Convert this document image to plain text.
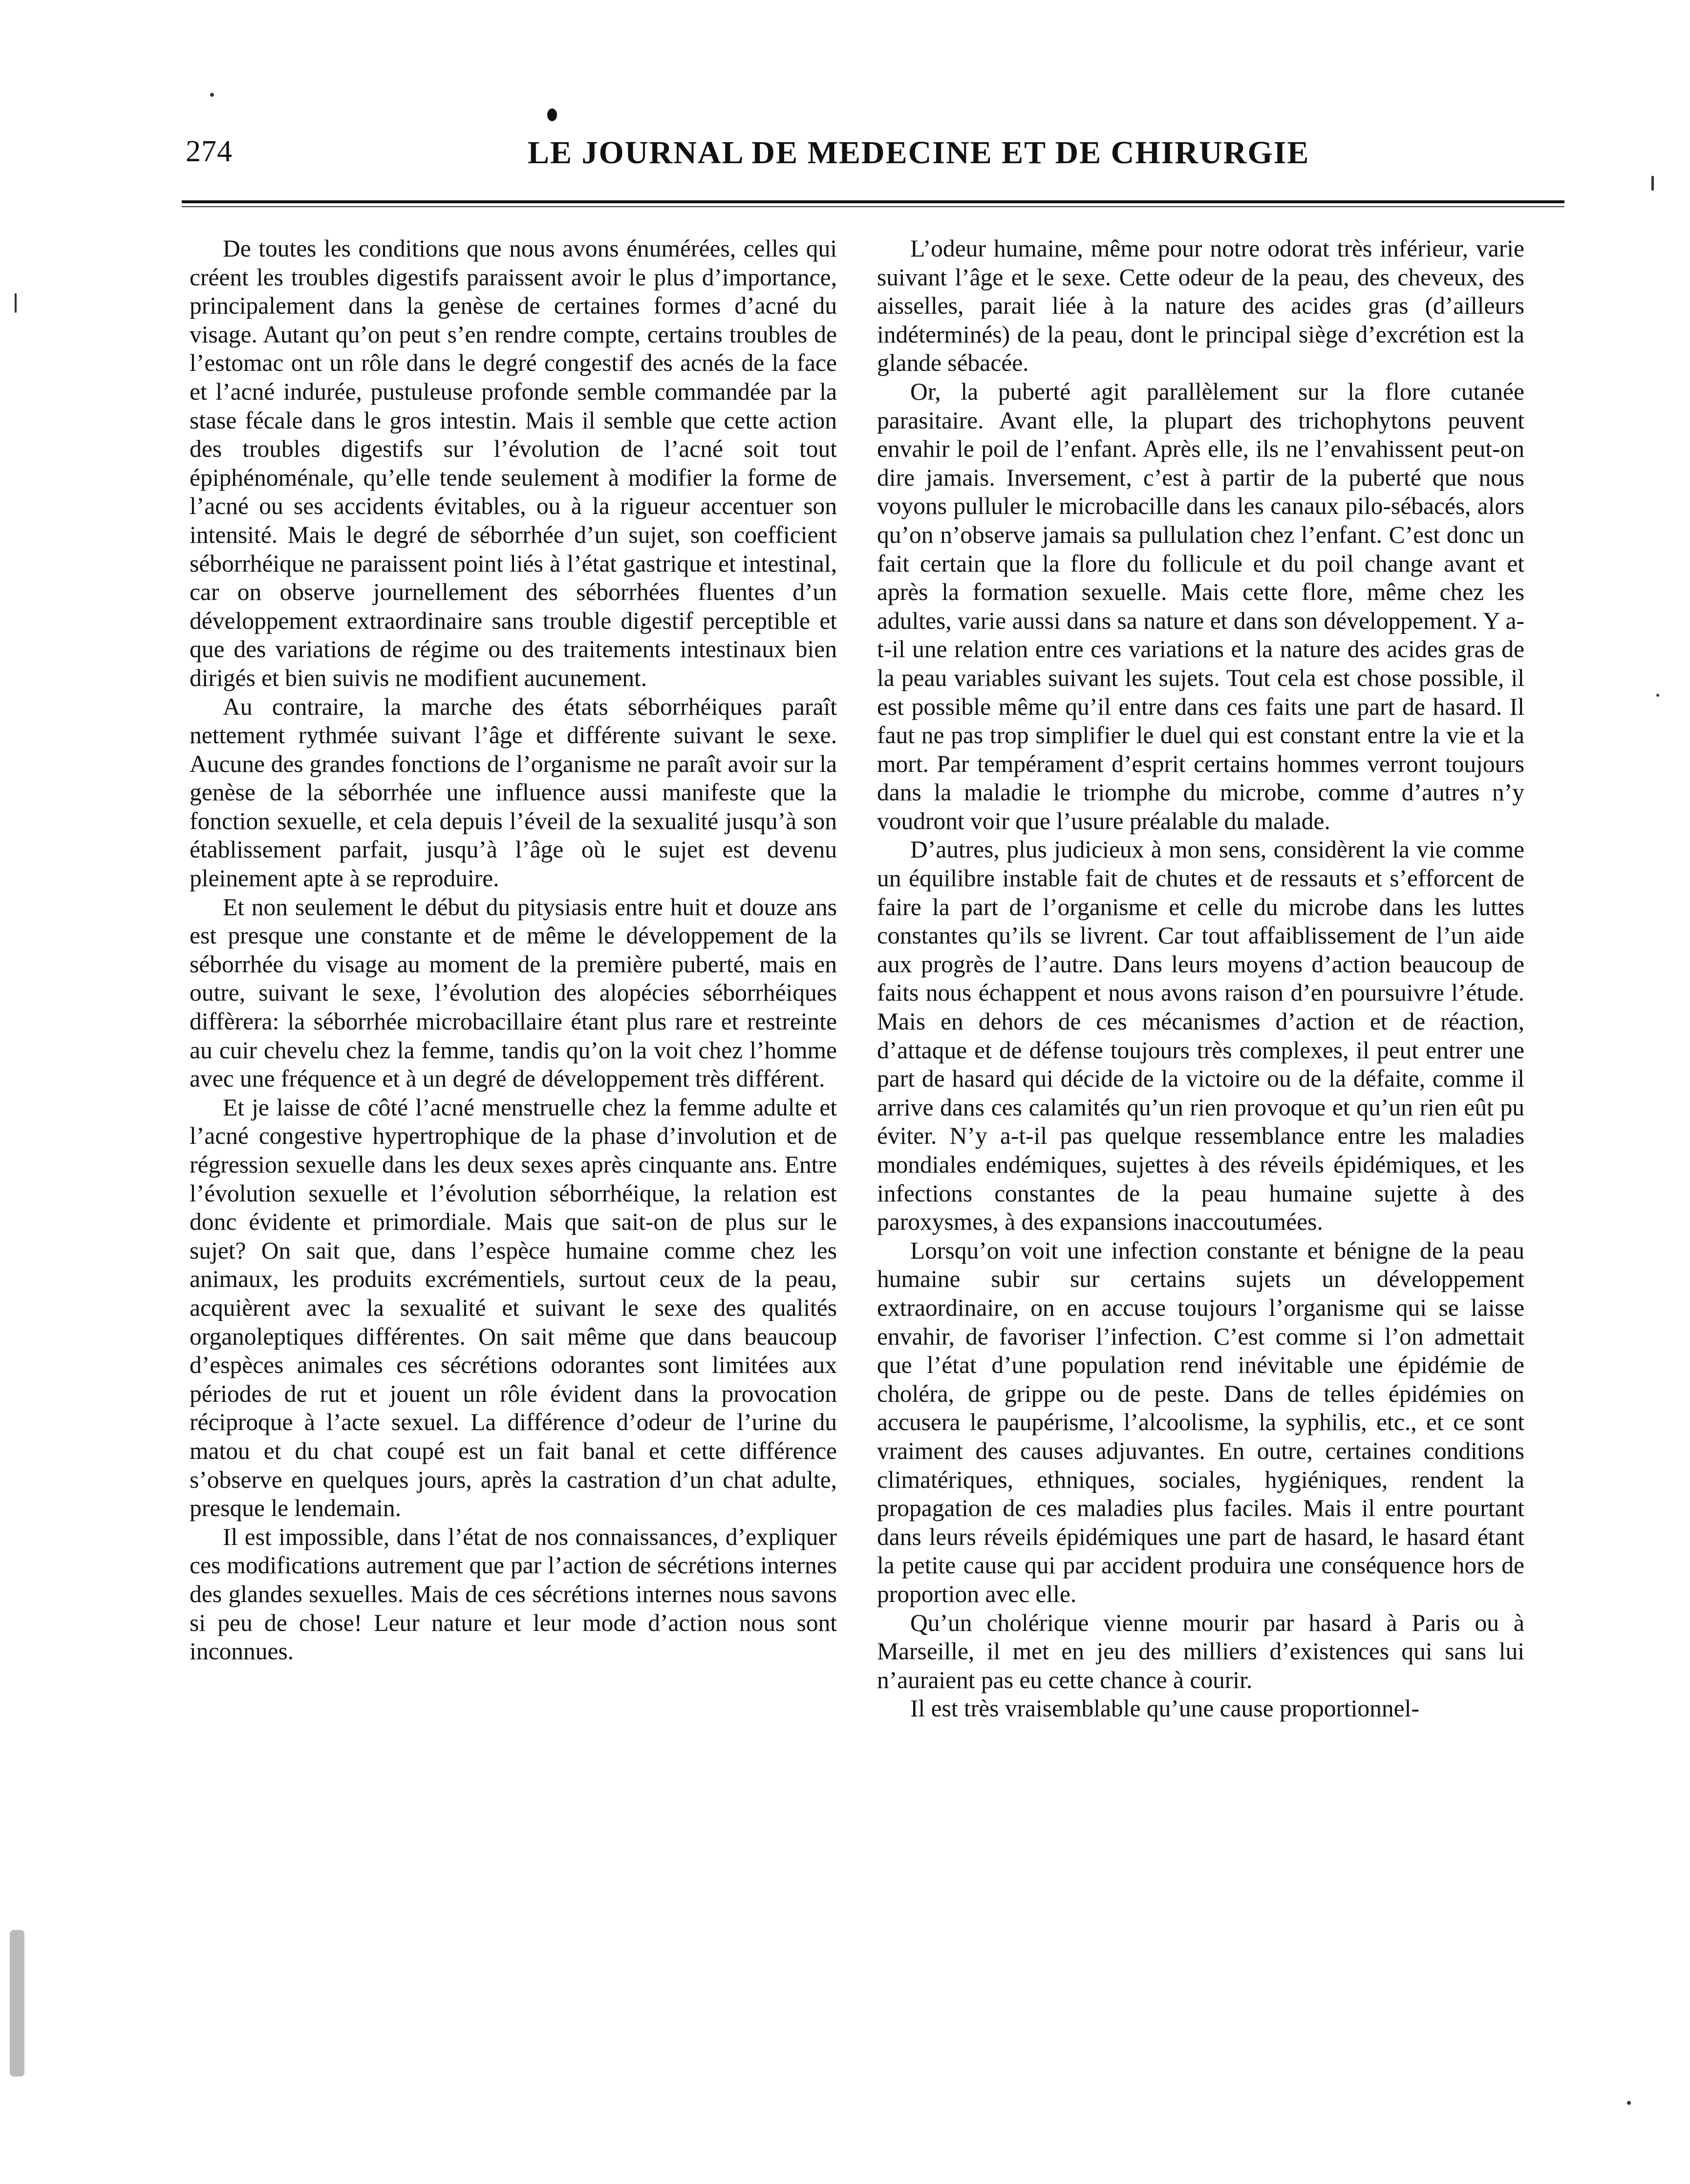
274	LE JOURNAL DE MEDECINE ET DE CHIRURGIE

De toutes les conditions que nous avons énumérées, celles qui créent les troubles digestifs paraissent avoir le plus d’importance, principalement dans la genèse de certaines formes d’acné du visage. Autant qu’on peut s’en rendre compte, certains troubles de l’estomac ont un rôle dans le degré congestif des acnés de la face et l’acné indurée, pustuleuse profonde semble commandée par la stase fécale dans le gros intestin. Mais il semble que cette action des troubles digestifs sur l’évolution de l’acné soit tout épiphénoménale, qu’elle tende seulement à modifier la forme de l’acné ou ses accidents évitables, ou à la rigueur accentuer son intensité. Mais le degré de séborrhée d’un sujet, son coefficient séborrhéique ne paraissent point liés à l’état gastrique et intestinal, car on observe journellement des séborrhées fluentes d’un développement extraordinaire sans trouble digestif perceptible et que des variations de régime ou des traitements intestinaux bien dirigés et bien suivis ne modifient aucunement.

Au contraire, la marche des états séborrhéiques paraît nettement rythmée suivant l’âge et différente suivant le sexe. Aucune des grandes fonctions de l’organisme ne paraît avoir sur la genèse de la séborrhée une influence aussi manifeste que la fonction sexuelle, et cela depuis l’éveil de la sexualité jusqu’à son établissement parfait, jusqu’à l’âge où le sujet est devenu pleinement apte à se reproduire.

Et non seulement le début du pitysiasis entre huit et douze ans est presque une constante et de même le développement de la séborrhée du visage au moment de la première puberté, mais en outre, suivant le sexe, l’évolution des alopécies séborrhéiques diffèrera: la séborrhée microbacillaire étant plus rare et restreinte au cuir chevelu chez la femme, tandis qu’on la voit chez l’homme avec une fréquence et à un degré de développement très différent.

Et je laisse de côté l’acné menstruelle chez la femme adulte et l’acné congestive hypertrophique de la phase d’involution et de régression sexuelle dans les deux sexes après cinquante ans. Entre l’évolution sexuelle et l’évolution séborrhéique, la relation est donc évidente et primordiale. Mais que sait-on de plus sur le sujet? On sait que, dans l’espèce humaine comme chez les animaux, les produits excrémentiels, surtout ceux de la peau, acquièrent avec la sexualité et suivant le sexe des qualités organoleptiques différentes. On sait même que dans beaucoup d’espèces animales ces sécrétions odorantes sont limitées aux périodes de rut et jouent un rôle évident dans la provocation réciproque à l’acte sexuel. La différence d’odeur de l’urine du matou et du chat coupé est un fait banal et cette différence s’observe en quelques jours, après la castration d’un chat adulte, presque le lendemain.

Il est impossible, dans l’état de nos connaissances, d’expliquer ces modifications autrement que par l’action de sécrétions internes des glandes sexuelles. Mais de ces sécrétions internes nous savons si peu de chose! Leur nature et leur mode d’action nous sont inconnues.

L’odeur humaine, même pour notre odorat très inférieur, varie suivant l’âge et le sexe. Cette odeur de la peau, des cheveux, des aisselles, parait liée à la nature des acides gras (d’ailleurs indéterminés) de la peau, dont le principal siège d’excrétion est la glande sébacée.

Or, la puberté agit parallèlement sur la flore cutanée parasitaire. Avant elle, la plupart des trichophytons peuvent envahir le poil de l’enfant. Après elle, ils ne l’envahissent peut-on dire jamais. Inversement, c’est à partir de la puberté que nous voyons pulluler le microbacille dans les canaux pilo-sébacés, alors qu’on n’observe jamais sa pullulation chez l’enfant. C’est donc un fait certain que la flore du follicule et du poil change avant et après la formation sexuelle. Mais cette flore, même chez les adultes, varie aussi dans sa nature et dans son développement. Y a-t-il une relation entre ces variations et la nature des acides gras de la peau variables suivant les sujets. Tout cela est chose possible, il est possible même qu’il entre dans ces faits une part de hasard. Il faut ne pas trop simplifier le duel qui est constant entre la vie et la mort. Par tempérament d’esprit certains hommes verront toujours dans la maladie le triomphe du microbe, comme d’autres n’y voudront voir que l’usure préalable du malade.

D’autres, plus judicieux à mon sens, considèrent la vie comme un équilibre instable fait de chutes et de ressauts et s’efforcent de faire la part de l’organisme et celle du microbe dans les luttes constantes qu’ils se livrent. Car tout affaiblissement de l’un aide aux progrès de l’autre. Dans leurs moyens d’action beaucoup de faits nous échappent et nous avons raison d’en poursuivre l’étude. Mais en dehors de ces mécanismes d’action et de réaction, d’attaque et de défense toujours très complexes, il peut entrer une part de hasard qui décide de la victoire ou de la défaite, comme il arrive dans ces calamités qu’un rien provoque et qu’un rien eût pu éviter. N’y a-t-il pas quelque ressemblance entre les maladies mondiales endémiques, sujettes à des réveils épidémiques, et les infections constantes de la peau humaine sujette à des paroxysmes, à des expansions inaccoutumées.

Lorsqu’on voit une infection constante et bénigne de la peau humaine subir sur certains sujets un développement extraordinaire, on en accuse toujours l’organisme qui se laisse envahir, de favoriser l’infection. C’est comme si l’on admettait que l’état d’une population rend inévitable une épidémie de choléra, de grippe ou de peste. Dans de telles épidémies on accusera le paupérisme, l’alcoolisme, la syphilis, etc., et ce sont vraiment des causes adjuvantes. En outre, certaines conditions climatériques, ethniques, sociales, hygiéniques, rendent la propagation de ces maladies plus faciles. Mais il entre pourtant dans leurs réveils épidémiques une part de hasard, le hasard étant la petite cause qui par accident produira une conséquence hors de proportion avec elle.

Qu’un cholérique vienne mourir par hasard à Paris ou à Marseille, il met en jeu des milliers d’existences qui sans lui n’auraient pas eu cette chance à courir.

Il est très vraisemblable qu’une cause proportionnel-
